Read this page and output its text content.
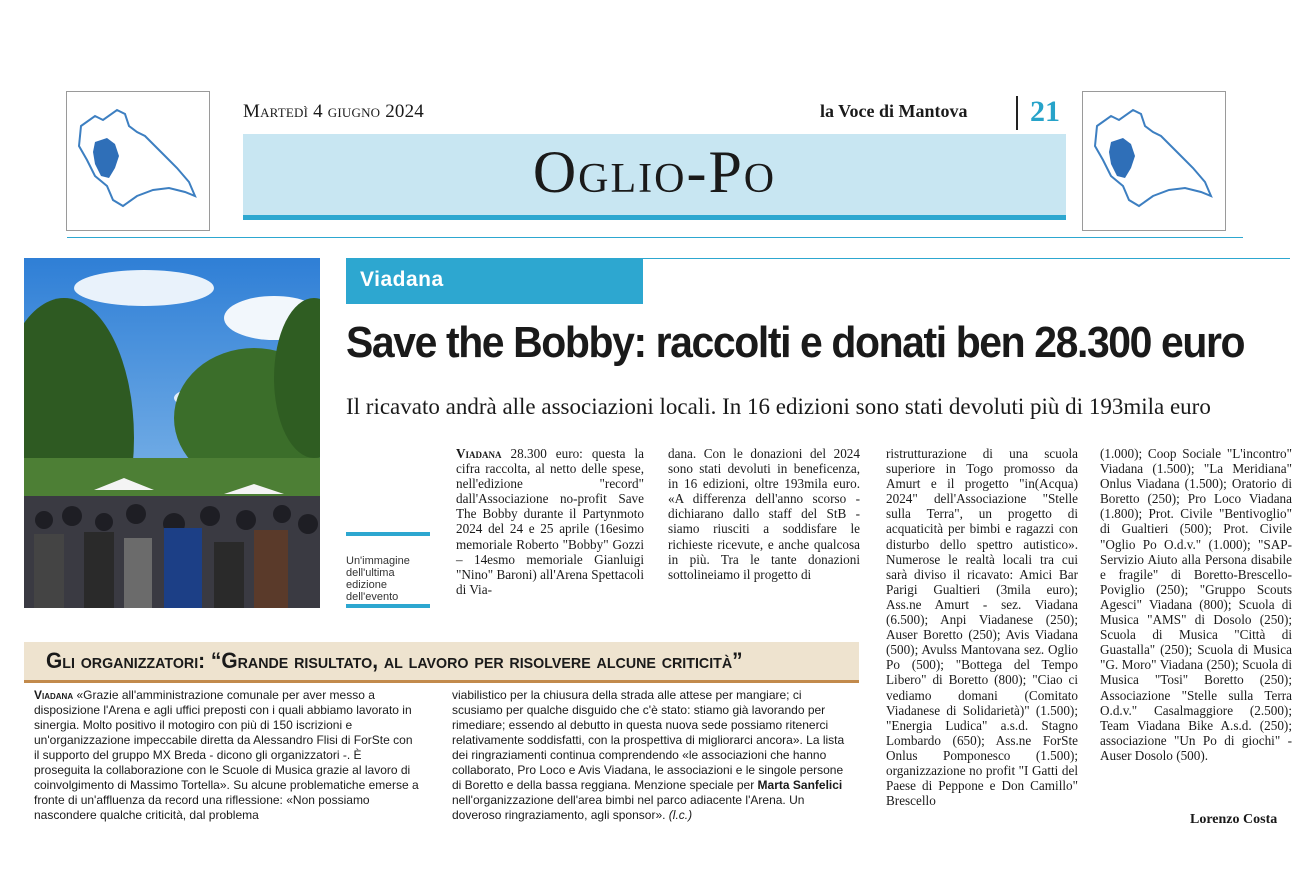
Martedì 4 giugno 2024	la Voce di Mantova 21
Oglio-Po
Un'immagine dell'ultima edizione dell'evento
Viadana
Save the Bobby: raccolti e donati ben 28.300 euro
Il ricavato andrà alle associazioni locali. In 16 edizioni sono stati devoluti più di 193mila euro

Viadana 28.300 euro: questa la cifra raccolta, al netto delle spese, nell'edizione "record" dall'Associazione no-profit Save The Bobby durante il Partynmoto 2024 del 24 e 25 aprile (16esimo memoriale Roberto "Bobby" Gozzi – 14esmo memoriale Gianluigi "Nino" Baroni) all'Arena Spettacoli di Via-

dana. Con le donazioni del 2024 sono stati devoluti in beneficenza, in 16 edizioni, oltre 193mila euro. «A differenza dell'anno scorso - dichiarano dallo staff del StB - siamo riusciti a soddisfare le richieste ricevute, e anche qualcosa in più. Tra le tante donazioni sottolineiamo il progetto di
ristrutturazione di una scuola superiore in Togo promosso da Amurt e il progetto "in(Acqua) 2024" dell'Associazione "Stelle sulla Terra", un progetto di acquaticità per bimbi e ragazzi con disturbo dello spettro autistico». Numerose le realtà locali tra cui sarà diviso il ricavato: Amici Bar Parigi Gualtieri (3mila euro); Ass.ne Amurt - sez. Viadana (6.500); Anpi Viadanese (250); Auser Boretto (250); Avis Viadana (500); Avulss Mantovana sez. Oglio Po (500); "Bottega del Tempo Libero" di Boretto (800); "Ciao ci vediamo domani (Comitato Viadanese di Solidarietà)" (1.500); "Energia Ludica" a.s.d. Stagno Lombardo (650); Ass.ne ForSte Onlus Pomponesco (1.500); organizzazione no profit "I Gatti del Paese di Peppone e Don Camillo" Brescello
(1.000); Coop Sociale "L'incontro" Viadana (1.500); "La Meridiana" Onlus Viadana (1.500); Oratorio di Boretto (250); Pro Loco Viadana (1.800); Prot. Civile "Bentivoglio" di Gualtieri (500); Prot. Civile "Oglio Po O.d.v." (1.000); "SAP-Servizio Aiuto alla Persona disabile e fragile" di Boretto-Brescello-Poviglio (250); "Gruppo Scouts Agesci" Viadana (800); Scuola di Musica "AMS" di Dosolo (250); Scuola di Musica "Città di Guastalla" (250); Scuola di Musica "G. Moro" Viadana (250); Scuola di Musica "Tosi" Boretto (250); Associazione "Stelle sulla Terra O.d.v." Casalmaggiore (2.500); Team Viadana Bike A.s.d. (250); associazione "Un Po di giochi" - Auser Dosolo (500).
Lorenzo Costa
Gli organizzatori: “Grande risultato, al lavoro per risolvere alcune criticità”
Viadana «Grazie all'amministrazione comunale per aver messo a disposizione l'Arena e agli uffici preposti con i quali abbiamo lavorato in sinergia. Molto positivo il motogiro con più di 150 iscrizioni e un'organizzazione impeccabile diretta da Alessandro Flisi di ForSte con il supporto del gruppo MX Breda - dicono gli organizzatori -. È proseguita la collaborazione con le Scuole di Musica grazie al lavoro di coinvolgimento di Massimo Tortella». Su alcune problematiche emerse a fronte di un'affluenza da record una riflessione: «Non possiamo nascondere qualche criticità, dal problema
viabilistico per la chiusura della strada alle attese per mangiare; ci scusiamo per qualche disguido che c'è stato: stiamo già lavorando per rimediare; essendo al debutto in questa nuova sede possiamo ritenerci relativamente soddisfatti, con la prospettiva di migliorarci ancora». La lista dei ringraziamenti continua comprendendo «le associazioni che hanno collaborato, Pro Loco e Avis Viadana, le associazioni e le singole persone di Boretto e della bassa reggiana. Menzione speciale per Marta Sanfelici nell'organizzazione dell'area bimbi nel parco adiacente l'Arena. Un doveroso ringraziamento, agli sponsor». (l.c.)
